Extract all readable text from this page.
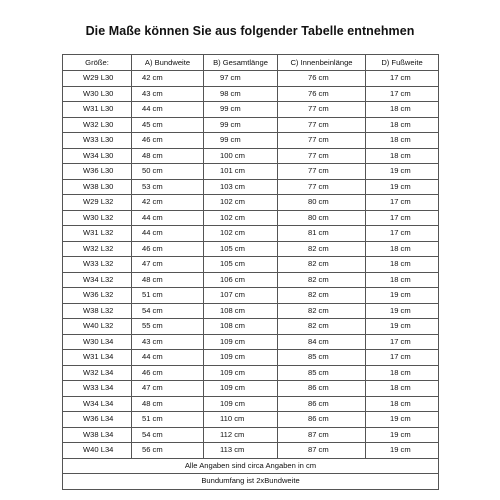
Die Maße können Sie aus folgender Tabelle entnehmen
Größe:	A) Bundweite	B) Gesamtlänge	C) Innenbeinlänge	D) Fußweite
W29 L30	42 cm	97 cm	76 cm	17 cm
W30 L30	43 cm	98 cm	76 cm	17 cm
W31 L30	44 cm	99 cm	77 cm	18 cm
W32 L30	45 cm	99 cm	77 cm	18 cm
W33 L30	46 cm	99 cm	77 cm	18 cm
W34 L30	48 cm	100 cm	77 cm	18 cm
W36 L30	50 cm	101 cm	77 cm	19 cm
W38 L30	53 cm	103 cm	77 cm	19 cm
W29 L32	42 cm	102 cm	80 cm	17 cm
W30 L32	44 cm	102 cm	80 cm	17 cm
W31 L32	44 cm	102 cm	81 cm	17 cm
W32 L32	46 cm	105 cm	82 cm	18 cm
W33 L32	47 cm	105 cm	82 cm	18 cm
W34 L32	48 cm	106 cm	82 cm	18 cm
W36 L32	51 cm	107 cm	82 cm	19 cm
W38 L32	54 cm	108 cm	82 cm	19 cm
W40 L32	55 cm	108 cm	82 cm	19 cm
W30 L34	43 cm	109 cm	84 cm	17 cm
W31 L34	44 cm	109 cm	85 cm	17 cm
W32 L34	46 cm	109 cm	85 cm	18 cm
W33 L34	47 cm	109 cm	86 cm	18 cm
W34 L34	48 cm	109 cm	86 cm	18 cm
W36 L34	51 cm	110 cm	86 cm	19 cm
W38 L34	54 cm	112 cm	87 cm	19 cm
W40 L34	56 cm	113 cm	87 cm	19 cm
Alle Angaben sind circa Angaben in cm				
Bundumfang ist 2xBundweite				
